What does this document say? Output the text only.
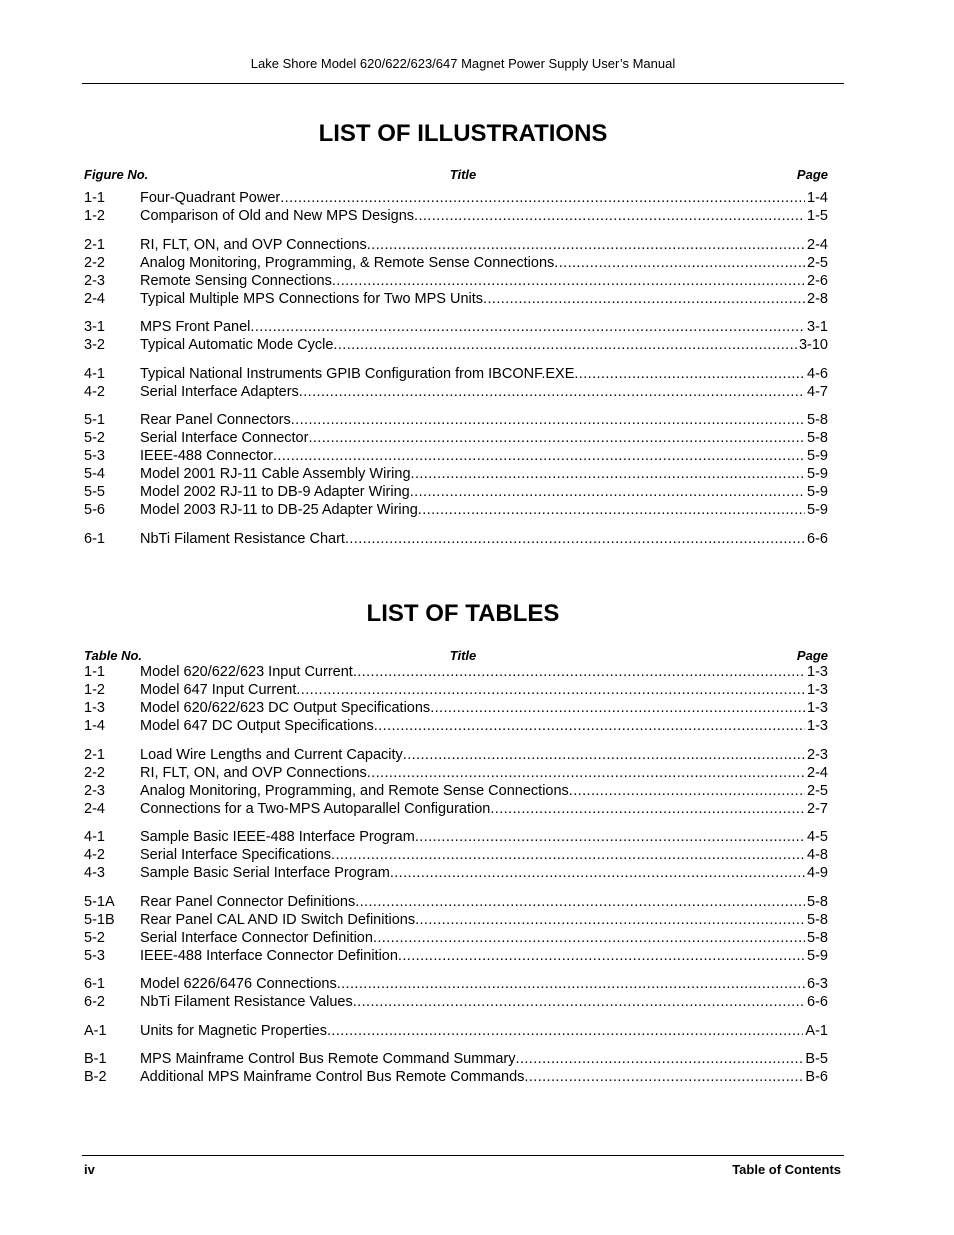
Lake Shore Model 620/622/623/647 Magnet Power Supply User’s Manual
LIST OF ILLUSTRATIONS
Figure No.	Title	Page
1-1 Four-Quadrant Power .....	1-4
1-2 Comparison of Old and New MPS Designs .....	1-5
2-1 RI, FLT, ON, and OVP Connections .....	2-4
2-2 Analog Monitoring, Programming, & Remote Sense Connections .....	2-5
2-3 Remote Sensing Connections .....	2-6
2-4 Typical Multiple MPS Connections for Two MPS Units .....	2-8
3-1 MPS Front Panel .....	3-1
3-2 Typical Automatic Mode Cycle .....	3-10
4-1 Typical National Instruments GPIB Configuration from IBCONF.EXE .....	4-6
4-2 Serial Interface Adapters .....	4-7
5-1 Rear Panel Connectors .....	5-8
5-2 Serial Interface Connector .....	5-8
5-3 IEEE-488 Connector .....	5-9
5-4 Model 2001 RJ-11 Cable Assembly Wiring .....	5-9
5-5 Model 2002 RJ-11 to DB-9 Adapter Wiring .....	5-9
5-6 Model 2003 RJ-11 to DB-25 Adapter Wiring .....	5-9
6-1 NbTi Filament Resistance Chart .....	6-6
LIST OF TABLES
Table No.	Title	Page
1-1 Model 620/622/623 Input Current .....	1-3
1-2 Model 647 Input Current .....	1-3
1-3 Model 620/622/623 DC Output Specifications .....	1-3
1-4 Model 647 DC Output Specifications .....	1-3
2-1 Load Wire Lengths and Current Capacity .....	2-3
2-2 RI, FLT, ON, and OVP Connections .....	2-4
2-3 Analog Monitoring, Programming, and Remote Sense Connections .....	2-5
2-4 Connections for a Two-MPS Autoparallel Configuration .....	2-7
4-1 Sample Basic IEEE-488 Interface Program .....	4-5
4-2 Serial Interface Specifications .....	4-8
4-3 Sample Basic Serial Interface Program .....	4-9
5-1A Rear Panel Connector Definitions .....	5-8
5-1B Rear Panel CAL AND ID Switch Definitions .....	5-8
5-2 Serial Interface Connector Definition .....	5-8
5-3 IEEE-488 Interface Connector Definition .....	5-9
6-1 Model 6226/6476 Connections .....	6-3
6-2 NbTi Filament Resistance Values .....	6-6
A-1 Units for Magnetic Properties .....	A-1
B-1 MPS Mainframe Control Bus Remote Command Summary .....	B-5
B-2 Additional MPS Mainframe Control Bus Remote Commands .....	B-6
iv	Table of Contents
